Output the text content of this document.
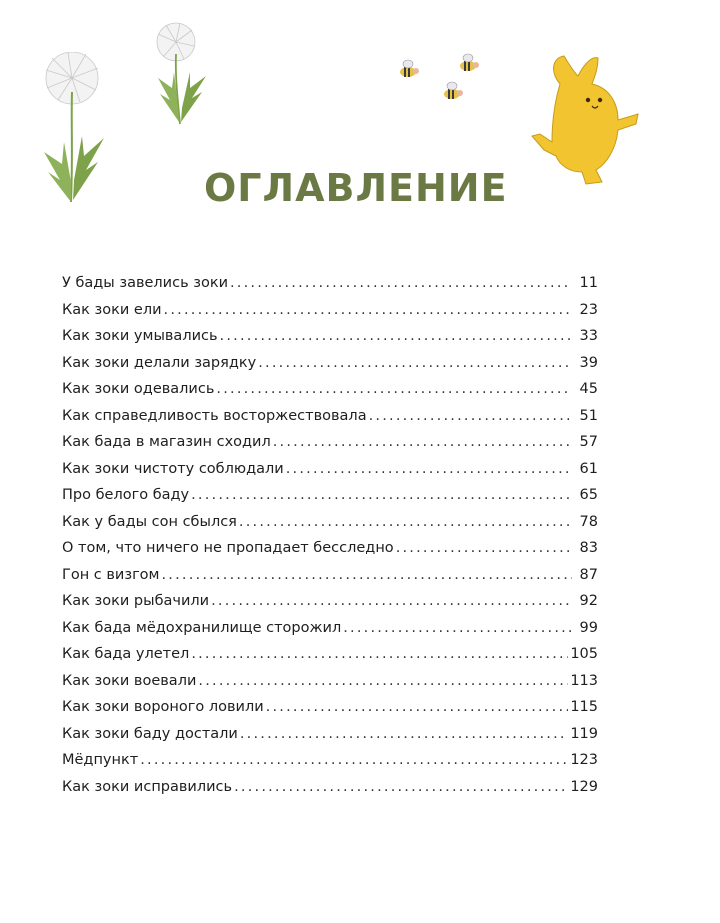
ОГЛАВЛЕНИЕ
У бады завелись зоки .....	11
Как зоки ели .....	23
Как зоки умывались .....	33
Как зоки делали зарядку .....	39
Как зоки одевались .....	45
Как справедливость восторжествовала .....	51
Как бада в магазин сходил .....	57
Как зоки чистоту соблюдали .....	61
Про белого баду .....	65
Как у бады сон сбылся .....	78
О том, что ничего не пропадает бесследно .....	83
Гон с визгом .....	87
Как зоки рыбачили .....	92
Как бада мёдохранилище сторожил .....	99
Как бада улетел .....	105
Как зоки воевали .....	113
Как зоки вороного ловили .....	115
Как зоки баду достали .....	119
Мёдпункт .....	123
Как зоки исправились .....	129
